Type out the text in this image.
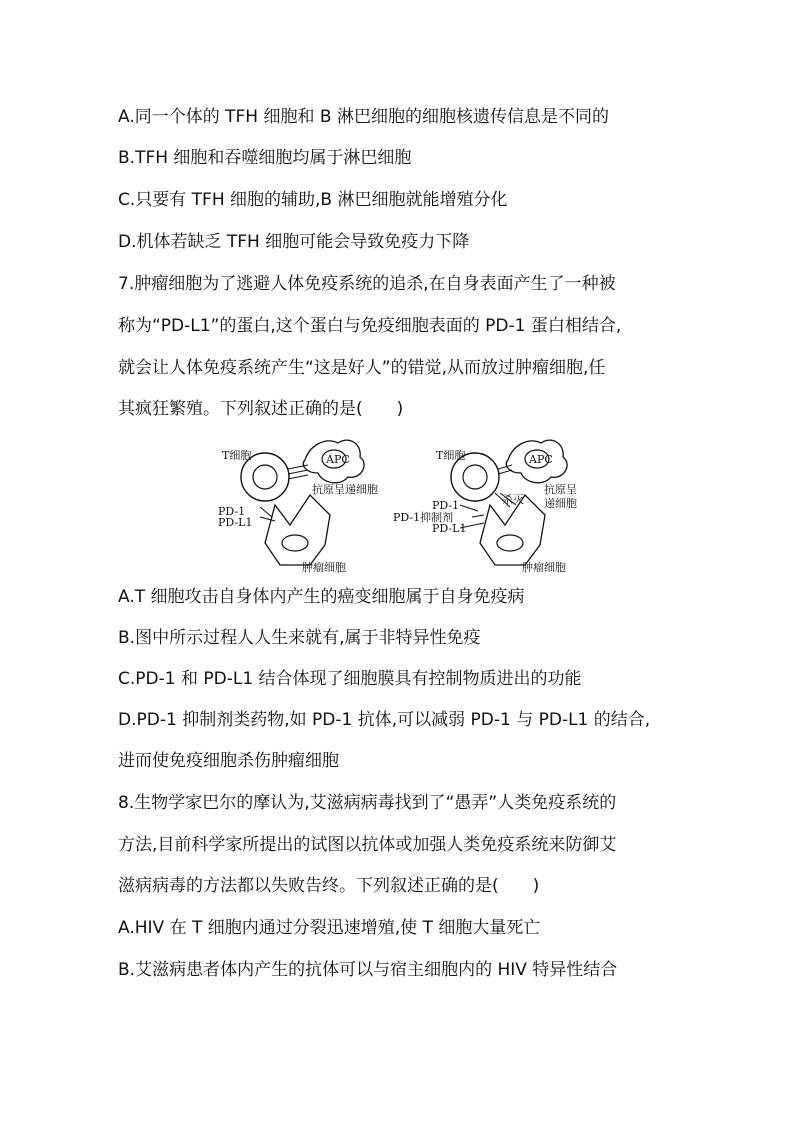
A.同一个体的 TFH 细胞和 B 淋巴细胞的细胞核遗传信息是不同的
B.TFH 细胞和吞噬细胞均属于淋巴细胞
C.只要有 TFH 细胞的辅助,B 淋巴细胞就能增殖分化
D.机体若缺乏 TFH 细胞可能会导致免疫力下降
7.肿瘤细胞为了逃避人体免疫系统的追杀,在自身表面产生了一种被
称为“PD-L1”的蛋白,这个蛋白与免疫细胞表面的 PD-1 蛋白相结合,
就会让人体免疫系统产生“这是好人”的错觉,从而放过肿瘤细胞,任
其疯狂繁殖。下列叙述正确的是(　　)
T细胞	APC
抗原呈递细胞
PD-1
PD-L1
肿瘤细胞
T细胞	APC
抗原呈
递细胞
杀灭
PD-1
PD-1抑制剂
PD-L1
肿瘤细胞
A.T 细胞攻击自身体内产生的癌变细胞属于自身免疫病
B.图中所示过程人人生来就有,属于非特异性免疫
C.PD-1 和 PD-L1 结合体现了细胞膜具有控制物质进出的功能
D.PD-1 抑制剂类药物,如 PD-1 抗体,可以减弱 PD-1 与 PD-L1 的结合,
进而使免疫细胞杀伤肿瘤细胞
8.生物学家巴尔的摩认为,艾滋病病毒找到了“愚弄”人类免疫系统的
方法,目前科学家所提出的试图以抗体或加强人类免疫系统来防御艾
滋病病毒的方法都以失败告终。下列叙述正确的是(　　)
A.HIV 在 T 细胞内通过分裂迅速增殖,使 T 细胞大量死亡
B.艾滋病患者体内产生的抗体可以与宿主细胞内的 HIV 特异性结合
